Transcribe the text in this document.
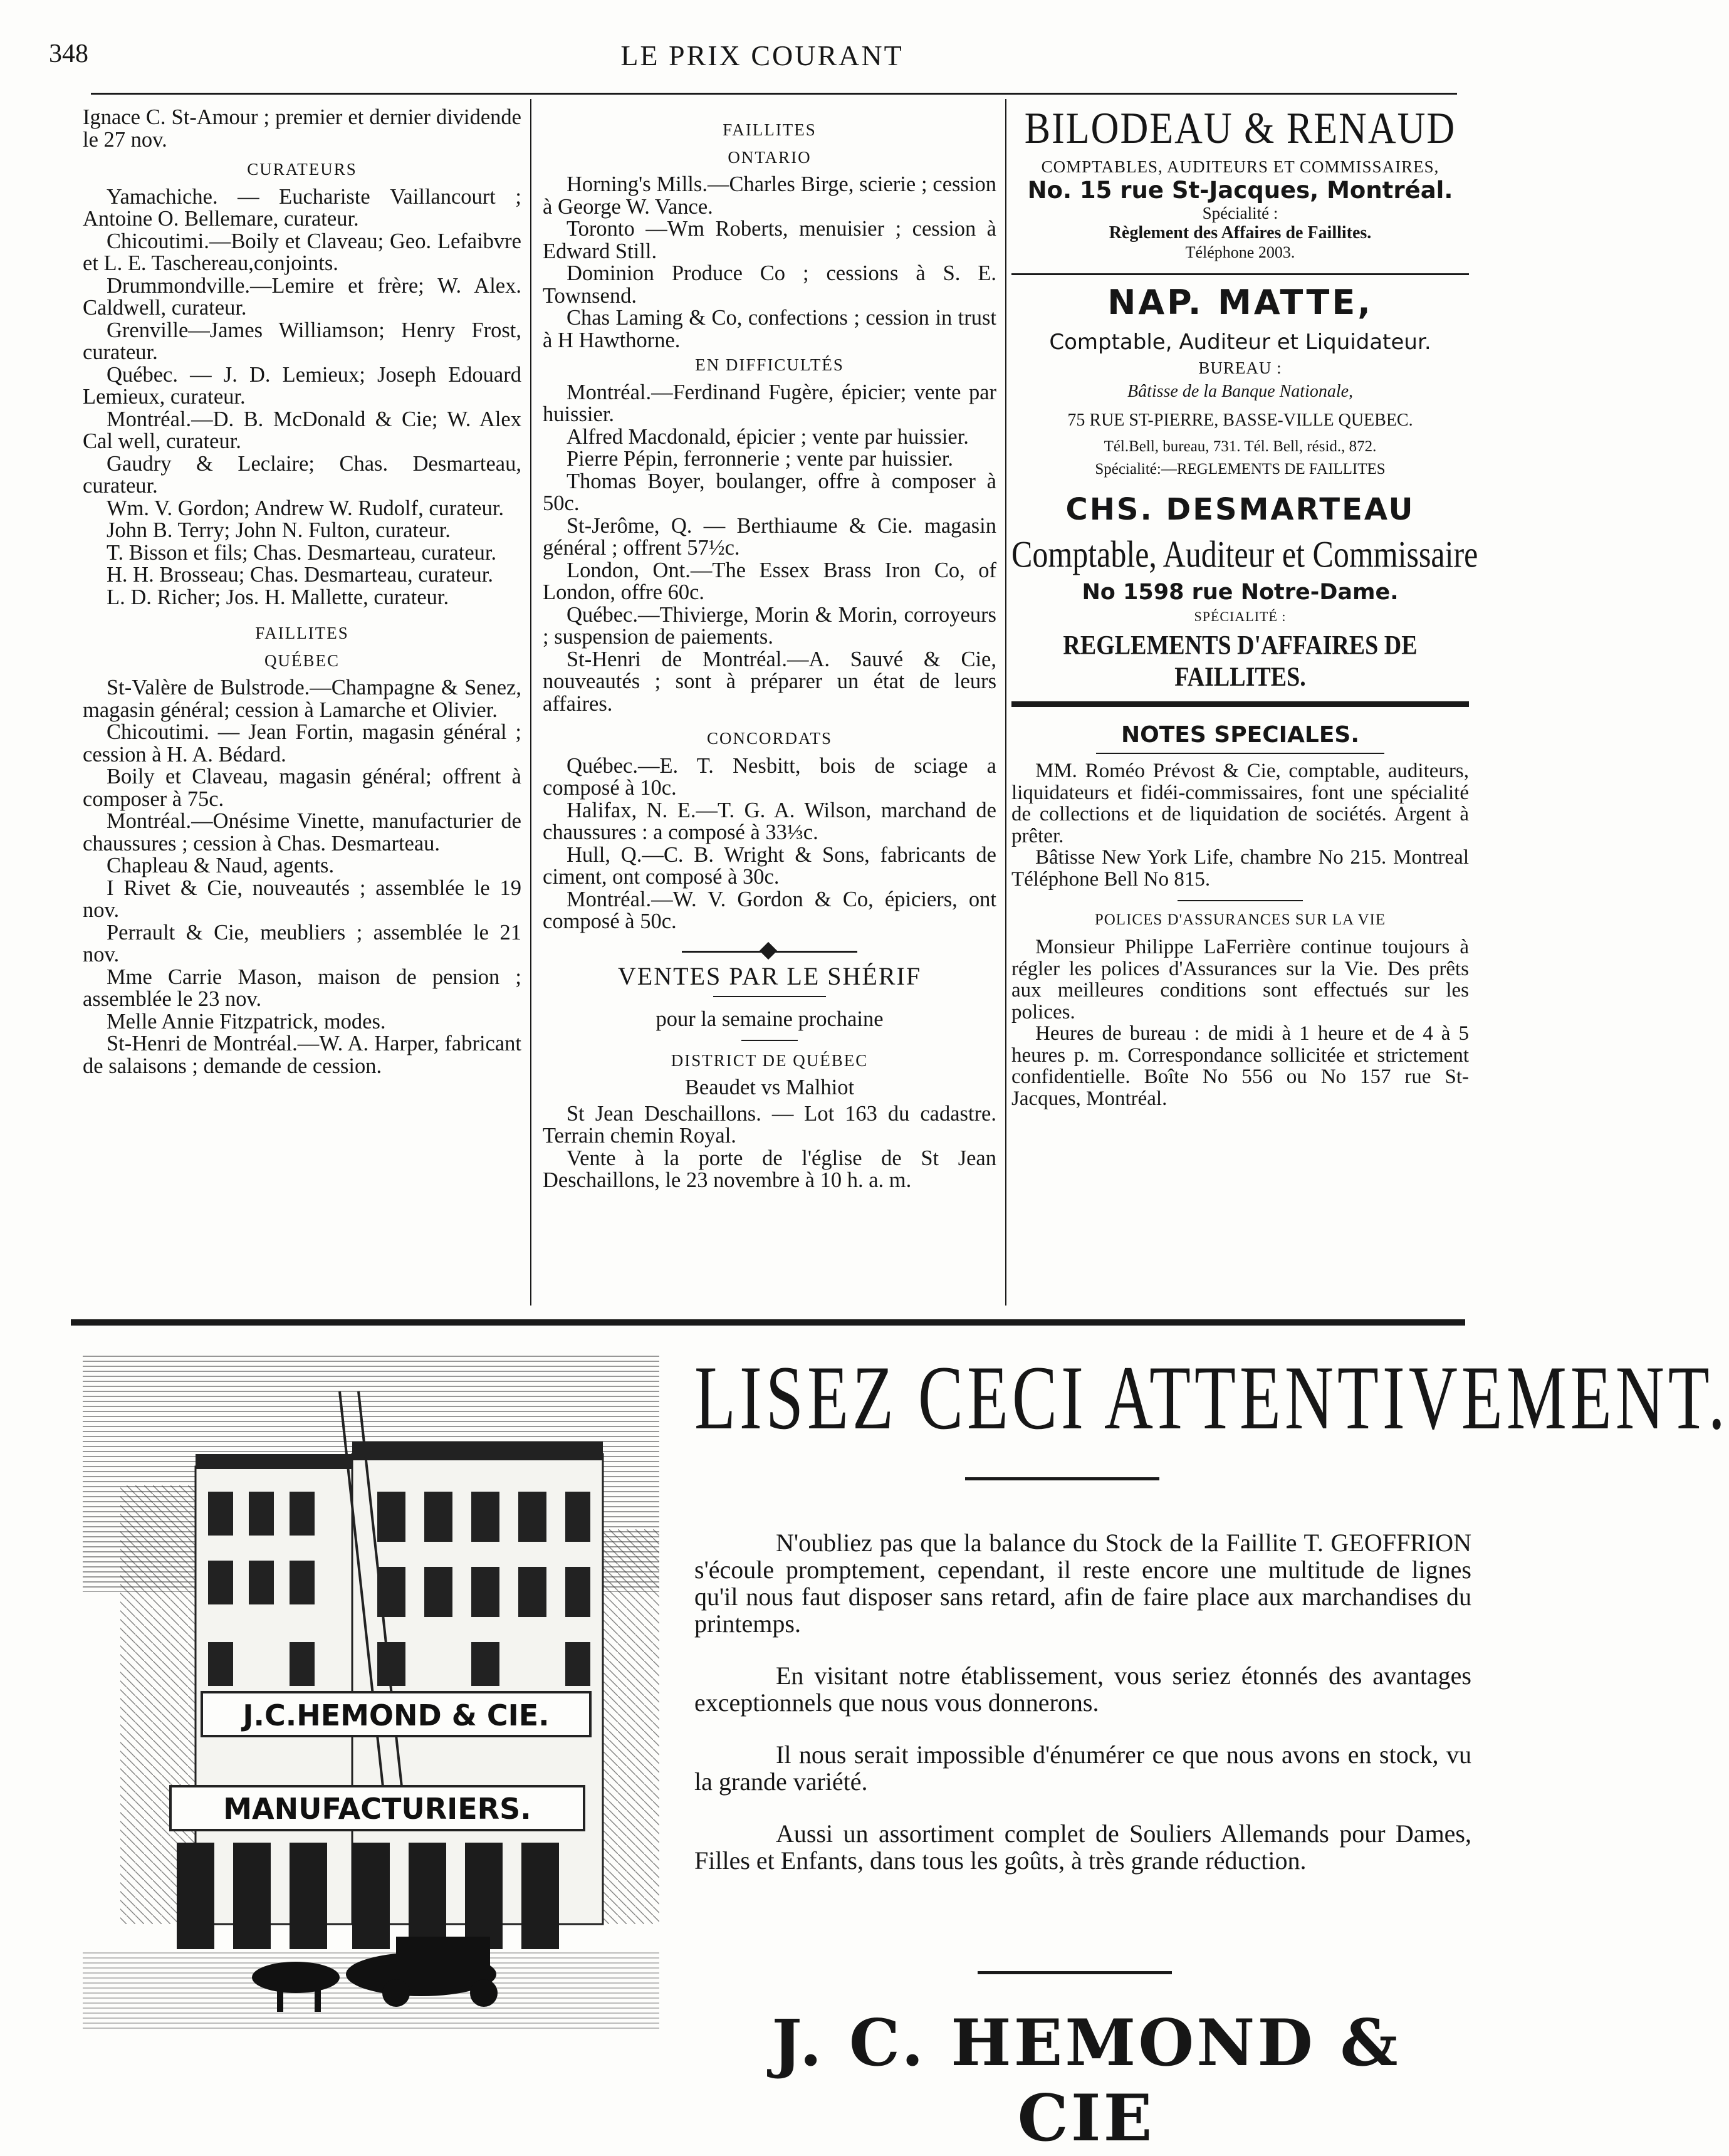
348	LE PRIX COURANT

Ignace C. St-Amour ; premier et dernier dividende le 27 nov.

CURATEURS

Yamachiche. — Eucharistе Vaillancourt ; Antoine O. Bellemare, curateur.

Chicoutimi.—Boily et Claveau; Geo. Lefaibvre et L. E. Taschereau,conjoints.

Drummondville.—Lemire et frère; W. Alex. Caldwell, curateur.

Grenville—James Williamson; Henry Frost, curateur.

Québec. — J. D. Lemieux; Joseph Edouard Lemieux, curateur.

Montréal.—D. B. McDonald & Cie; W. Alex Cal well, curateur.

Gaudry & Leclaire; Chas. Desmarteau, curateur.

Wm. V. Gordon; Andrew W. Rudolf, curateur.

John B. Terry; John N. Fulton, curateur.

T. Bisson et fils; Chas. Desmarteau, curateur.

H. H. Brosseau; Chas. Desmarteau, curateur.

L. D. Richer; Jos. H. Mallette, curateur.

FAILLITES
QUÉBEC

St-Valère de Bulstrode.—Champagne & Senez, magasin général; cession à Lamarche et Olivier.

Chicoutimi. — Jean Fortin, magasin général ; cession à H. A. Bédard.

Boily et Claveau, magasin général; offrent à composer à 75c.

Montréal.—Onésime Vinette, manufacturier de chaussures ; cession à Chas. Desmarteau.

Chapleau & Naud, agents.

I Rivet & Cie, nouveautés ; assemblée le 19 nov.

Perrault & Cie, meubliers ; assemblée le 21 nov.

Mme Carrie Mason, maison de pension ; assemblée le 23 nov.

Melle Annie Fitzpatrick, modes.

St-Henri de Montréal.—W. A. Harper, fabricant de salaisons ; demande de cession.

FAILLITES
ONTARIO

Horning's Mills.—Charles Birge, scierie ; cession à George W. Vance.

Toronto —Wm Roberts, menuisier ; cession à Edward Still.

Dominion Produce Co ; cessions à S. E. Townsend.

Chas Laming & Co, confections ; cession in trust à H Hawthorne.

EN DIFFICULTÉS

Montréal.—Ferdinand Fugère, épicier; vente par huissier.

Alfred Macdonald, épicier ; vente par huissier.

Pierre Pépin, ferronnerie ; vente par huissier.

Thomas Boyer, boulanger, offre à composer à 50c.

St-Jerôme, Q. — Berthiaume & Cie. magasin général ; offrent 57½c.

London, Ont.—The Essex Brass Iron Co, of London, offre 60c.

Québec.—Thivierge, Morin & Morin, corroyeurs ; suspension de paiements.

St-Henri de Montréal.—A. Sauvé & Cie, nouveautés ; sont à préparer un état de leurs affaires.

CONCORDATS

Québec.—E. T. Nesbitt, bois de sciage a composé à 10c.

Halifax, N. E.—T. G. A. Wilson, marchand de chaussures : a composé à 33⅓c.

Hull, Q.—C. B. Wright & Sons, fabricants de ciment, ont composé à 30c.

Montréal.—W. V. Gordon & Co, épiciers, ont composé à 50c.

VENTES PAR LE SHÉRIF
pour la semaine prochaine
DISTRICT DE QUÉBEC
Beaudet vs Malhiot

St Jean Deschaillons. — Lot 163 du cadastre. Terrain chemin Royal.

Vente à la porte de l'église de St Jean Deschaillons, le 23 novembre à 10 h. a. m.

BILODEAU & RENAUD
COMPTABLES, AUDITEURS ET COMMISSAIRES,
No. 15 rue St-Jacques, Montréal.
Spécialité :
Règlement des Affaires de Faillites.
Téléphone 2003.
NAP. MATTE,
Comptable, Auditeur et Liquidateur.
BUREAU :
Bâtisse de la Banque Nationale,
75 RUE ST-PIERRE, BASSE-VILLE QUEBEC.
Tél.Bell, bureau, 731. Tél. Bell, résid., 872.
Spécialité:—REGLEMENTS DE FAILLITES
CHS. DESMARTEAU
Comptable, Auditeur et Commissaire
No 1598 rue Notre-Dame.
SPÉCIALITÉ :
REGLEMENTS D'AFFAIRES DE FAILLITES.
NOTES SPECIALES.

MM. Roméo Prévost & Cie, comptable, auditeurs, liquidateurs et fidéi-commissaires, font une spécialité de collections et de liquidation de sociétés. Argent à prêter.

Bâtisse New York Life, chambre No 215. Montreal Téléphone Bell No 815.

POLICES D'ASSURANCES SUR LA VIE

Monsieur Philippe LaFerrière continue toujours à régler les polices d'Assurances sur la Vie. Des prêts aux meilleures conditions sont effectués sur les polices.

Heures de bureau : de midi à 1 heure et de 4 à 5 heures p. m. Correspondance sollicitée et strictement confidentielle. Boîte No 556 ou No 157 rue St-Jacques, Montréal.

J.C.HEMOND & CIE.
MANUFACTURIERS.
LISEZ CECI ATTENTIVEMENT.

N'oubliez pas que la balance du Stock de la Faillite T. GEOFFRION s'écoule promptement, cependant, il reste encore une multitude de lignes qu'il nous faut disposer sans retard, afin de faire place aux marchandises du printemps.

En visitant notre établissement, vous seriez étonnés des avantages exceptionnels que nous vous donnerons.

Il nous serait impossible d'énumérer ce que nous avons en stock, vu la grande variété.

Aussi un assortiment complet de Souliers Allemands pour Dames, Filles et Enfants, dans tous les goûts, à très grande réduction.

J. C. HEMOND & CIE
